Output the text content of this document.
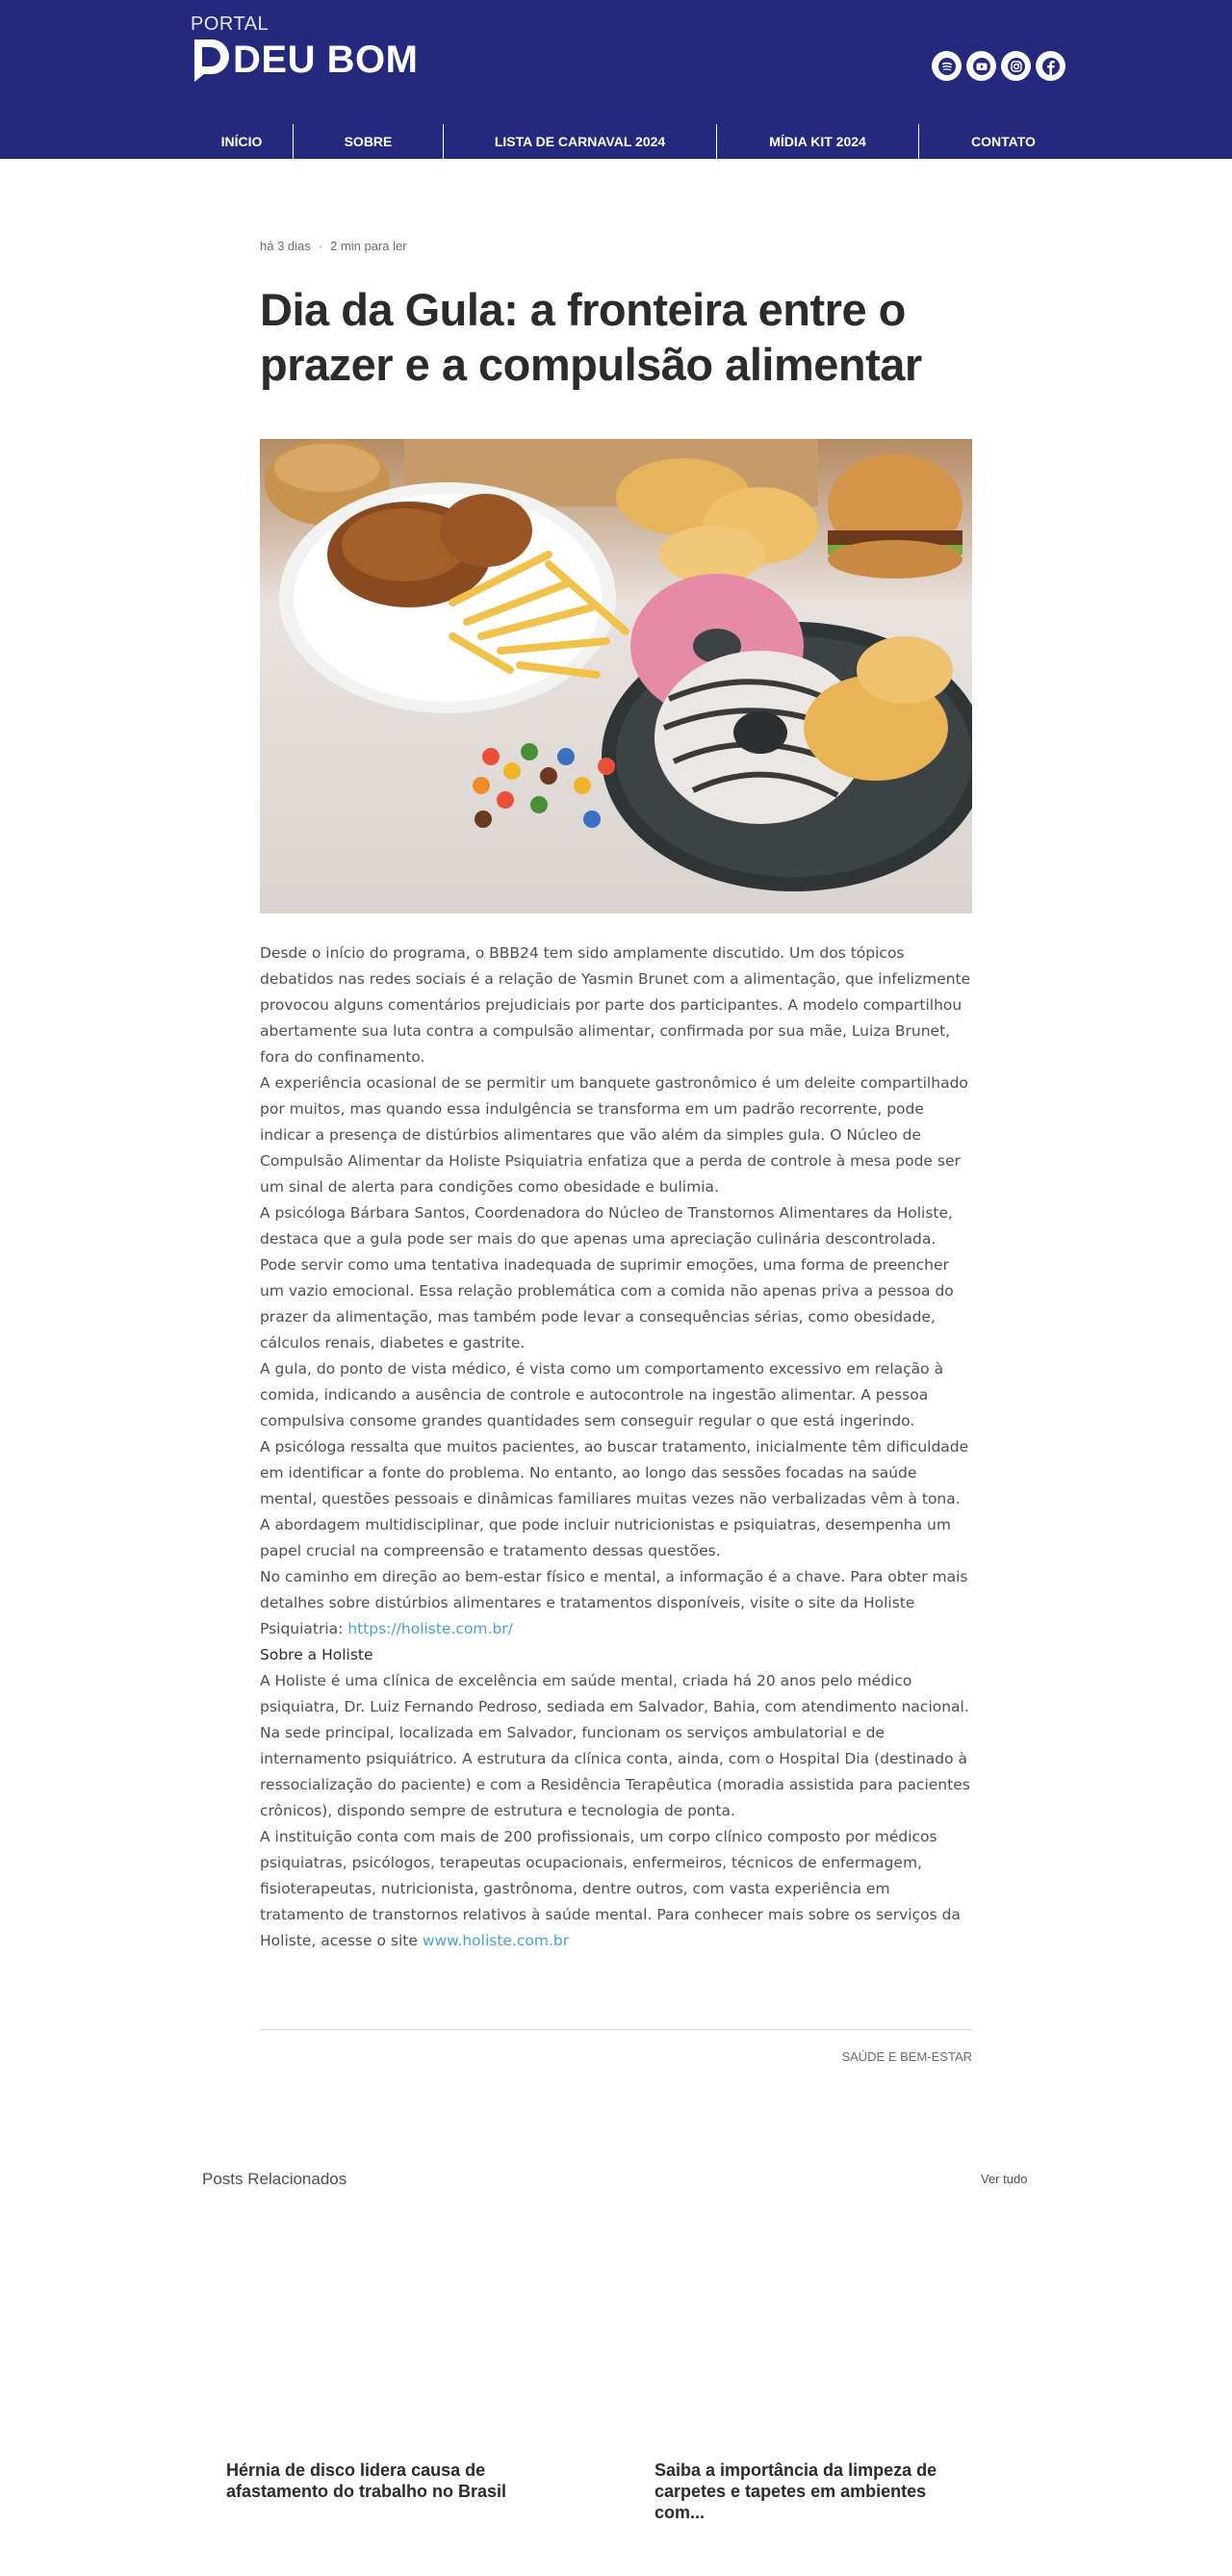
PORTAL
DEU BOM
INÍCIO	SOBRE	LISTA DE CARNAVAL 2024	MÍDIA KIT 2024	CONTATO
há 3 dias · 2 min para ler
Dia da Gula: a fronteira entre o prazer e a compulsão alimentar

Desde o início do programa, o BBB24 tem sido amplamente discutido. Um dos tópicos debatidos nas redes sociais é a relação de Yasmin Brunet com a alimentação, que infelizmente provocou alguns comentários prejudiciais por parte dos participantes. A modelo compartilhou abertamente sua luta contra a compulsão alimentar, confirmada por sua mãe, Luiza Brunet, fora do confinamento.

A experiência ocasional de se permitir um banquete gastronômico é um deleite compartilhado por muitos, mas quando essa indulgência se transforma em um padrão recorrente, pode indicar a presença de distúrbios alimentares que vão além da simples gula. O Núcleo de Compulsão Alimentar da Holiste Psiquiatria enfatiza que a perda de controle à mesa pode ser um sinal de alerta para condições como obesidade e bulimia.

A psicóloga Bárbara Santos, Coordenadora do Núcleo de Transtornos Alimentares da Holiste, destaca que a gula pode ser mais do que apenas uma apreciação culinária descontrolada. Pode servir como uma tentativa inadequada de suprimir emoções, uma forma de preencher um vazio emocional. Essa relação problemática com a comida não apenas priva a pessoa do prazer da alimentação, mas também pode levar a consequências sérias, como obesidade, cálculos renais, diabetes e gastrite.

A gula, do ponto de vista médico, é vista como um comportamento excessivo em relação à comida, indicando a ausência de controle e autocontrole na ingestão alimentar. A pessoa compulsiva consome grandes quantidades sem conseguir regular o que está ingerindo.

A psicóloga ressalta que muitos pacientes, ao buscar tratamento, inicialmente têm dificuldade em identificar a fonte do problema. No entanto, ao longo das sessões focadas na saúde mental, questões pessoais e dinâmicas familiares muitas vezes não verbalizadas vêm à tona. A abordagem multidisciplinar, que pode incluir nutricionistas e psiquiatras, desempenha um papel crucial na compreensão e tratamento dessas questões.

No caminho em direção ao bem-estar físico e mental, a informação é a chave. Para obter mais detalhes sobre distúrbios alimentares e tratamentos disponíveis, visite o site da Holiste Psiquiatria: https://holiste.com.br/

Sobre a Holiste

A Holiste é uma clínica de excelência em saúde mental, criada há 20 anos pelo médico psiquiatra, Dr. Luiz Fernando Pedroso, sediada em Salvador, Bahia, com atendimento nacional.

Na sede principal, localizada em Salvador, funcionam os serviços ambulatorial e de internamento psiquiátrico. A estrutura da clínica conta, ainda, com o Hospital Dia (destinado à ressocialização do paciente) e com a Residência Terapêutica (moradia assistida para pacientes crônicos), dispondo sempre de estrutura e tecnologia de ponta.

A instituição conta com mais de 200 profissionais, um corpo clínico composto por médicos psiquiatras, psicólogos, terapeutas ocupacionais, enfermeiros, técnicos de enfermagem, fisioterapeutas, nutricionista, gastrônoma, dentre outros, com vasta experiência em tratamento de transtornos relativos à saúde mental. Para conhecer mais sobre os serviços da Holiste, acesse o site www.holiste.com.br

SAÚDE E BEM-ESTAR
Posts Relacionados	Ver tudo
Hérnia de disco lidera causa de afastamento do trabalho no Brasil
Saiba a importância da limpeza de carpetes e tapetes em ambientes com...
